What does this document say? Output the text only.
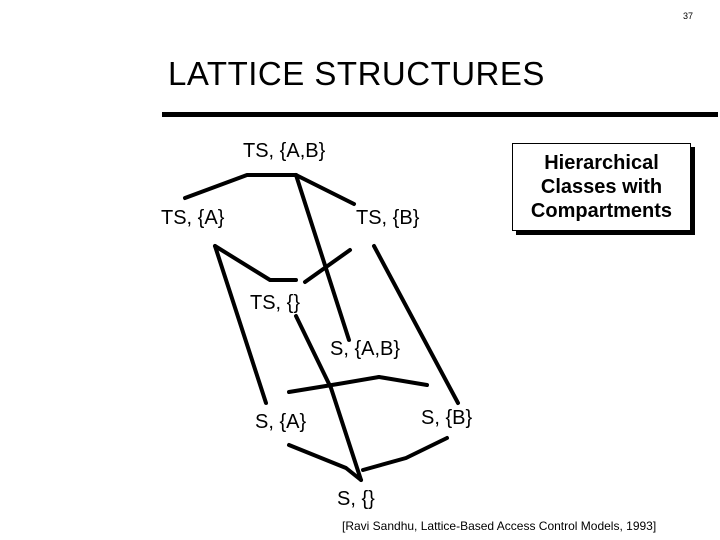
37
LATTICE STRUCTURES
TS, {A,B}
TS, {A}	TS, {B}
TS, {}
S, {A,B}
S, {A}	S, {B}
S, {}
Hierarchical
Classes with
Compartments
[Ravi Sandhu, Lattice-Based Access Control Models, 1993]
